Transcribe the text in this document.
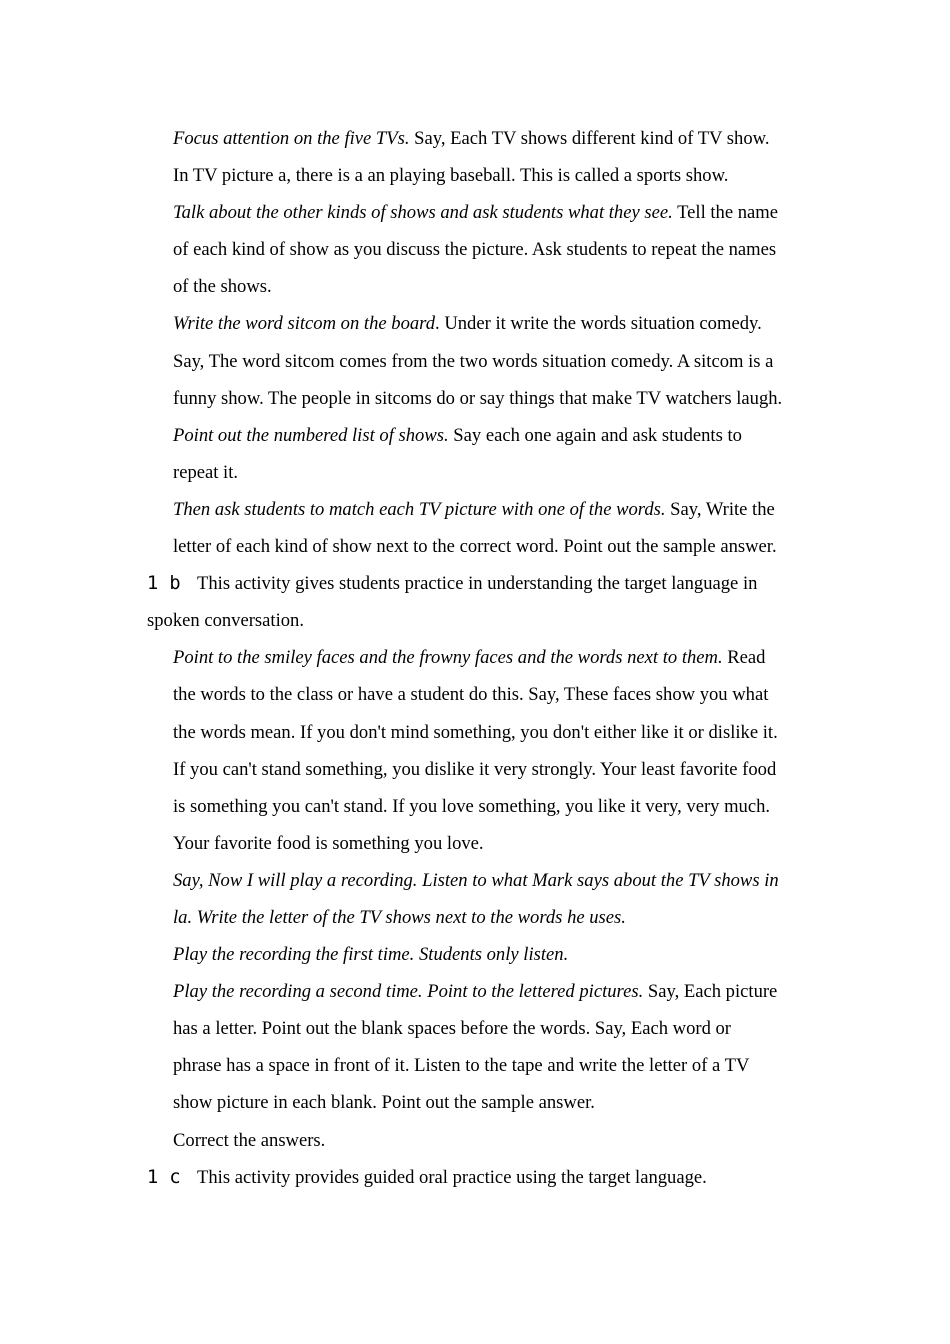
Focus attention on the five TVs. Say, Each TV shows different kind of TV show.
In TV picture a, there is a an playing baseball. This is called a sports show.
Talk about the other kinds of shows and ask students what they see. Tell the name
of each kind of show as you discuss the picture. Ask students to repeat the names
of the shows.
Write the word sitcom on the board. Under it write the words situation comedy.
Say, The word sitcom comes from the two words situation comedy. A sitcom is a
funny show. The people in sitcoms do or say things that make TV watchers laugh.
Point out the numbered list of shows. Say each one again and ask students to
repeat it.
Then ask students to match each TV picture with one of the words. Say, Write the
letter of each kind of show next to the correct word. Point out the sample answer.
1 b This activity gives students practice in understanding the target language in
spoken conversation.
Point to the smiley faces and the frowny faces and the words next to them. Read
the words to the class or have a student do this. Say, These faces show you what
the words mean. If you don't mind something, you don't either like it or dislike it.
If you can't stand something, you dislike it very strongly. Your least favorite food
is something you can't stand. If you love something, you like it very, very much.
Your favorite food is something you love.
Say, Now I will play a recording. Listen to what Mark says about the TV shows in
la. Write the letter of the TV shows next to the words he uses.
Play the recording the first time. Students only listen.
Play the recording a second time. Point to the lettered pictures. Say, Each picture
has a letter. Point out the blank spaces before the words. Say, Each word or
phrase has a space in front of it. Listen to the tape and write the letter of a TV
show picture in each blank. Point out the sample answer.
Correct the answers.
1 c This activity provides guided oral practice using the target language.
